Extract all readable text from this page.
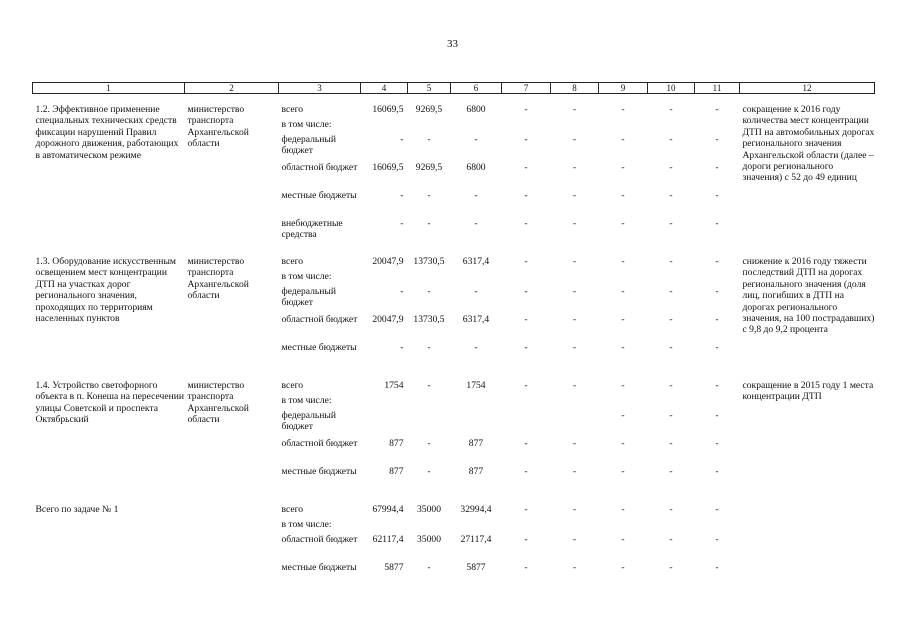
33
1	2	3	4	5	6	7	8	9	10	11	12

1.2. Эффективное применение специальных технических средств фиксации нарушений Правил дорожного движения, работающих в автоматическом режиме	министерство транспорта Архангельской области	всего	16069,5	9269,5	6800	-	-	-	-	-	сокращение к 2016 году количества мест концентрации ДТП на автомобильных дорогах регионального значения Архангельской области (далее – дороги регионального значения) с 52 до 49 единиц
		в том числе:									
		федеральный бюджет	-	-	-	-	-	-	-	-	
		областной бюджет	16069,5	9269,5	6800	-	-	-	-	-	
		местные бюджеты	-	-	-	-	-	-	-	-	
		внебюджетные средства	-	-	-	-	-	-	-	-	

1.3. Оборудование искусственным освещением мест концентрации ДТП на участках дорог регионального значения, проходящих по территориям населенных пунктов	министерство транспорта Архангельской области	всего	20047,9	13730,5	6317,4	-	-	-	-	-	снижение к 2016 году тяжести последствий ДТП на дорогах регионального значения (доля лиц, погибших в ДТП на дорогах регионального значения, на 100 пострадавших) с 9,8 до 9,2 процента
		в том числе:									
		федеральный бюджет	-	-	-	-	-	-	-	-	
		областной бюджет	20047,9	13730,5	6317,4	-	-	-	-	-	
		местные бюджеты	-	-	-	-	-	-	-	-	

1.4. Устройство светофорного объекта в п. Конеша на пересечении улицы Советской и проспекта Октябрьский	министерство транспорта Архангельской области	всего	1754	-	1754	-	-	-	-	-	сокращение в 2015 году 1 места концентрации ДТП
		в том числе:									
		федеральный бюджет						-	-	-	
		областной бюджет	877	-	877	-	-	-	-	-	
		местные бюджеты	877	-	877	-	-	-	-	-	

Всего по задаче № 1		всего	67994,4	35000	32994,4	-	-	-	-	-	
		в том числе:									
		областной бюджет	62117,4	35000	27117,4	-	-	-	-	-	
		местные бюджеты	5877	-	5877	-	-	-	-	-	
